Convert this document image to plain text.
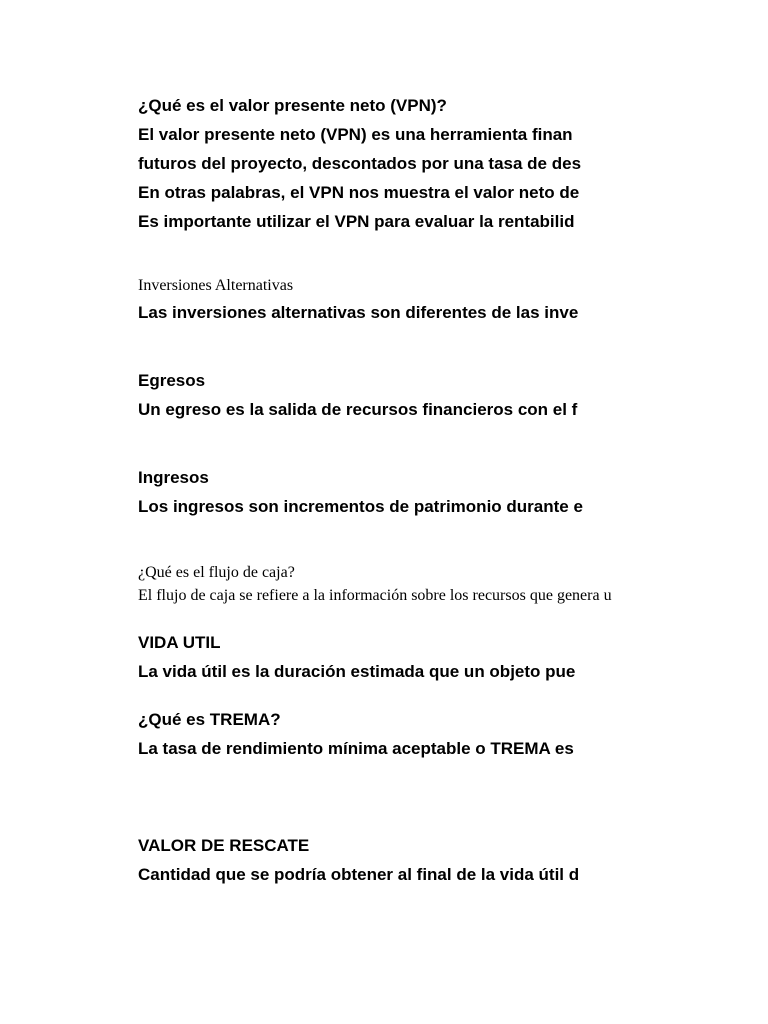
¿Qué es el valor presente neto (VPN)?
El valor presente neto (VPN) es una herramienta finan
futuros del proyecto, descontados por una tasa de des
En otras palabras, el VPN nos muestra el valor neto de
Es importante utilizar el VPN para evaluar la rentabilid
Inversiones Alternativas
Las inversiones alternativas son diferentes de las inve
Egresos
Un egreso es la salida de recursos financieros con el f
Ingresos
Los ingresos son incrementos de patrimonio durante e
¿Qué es el flujo de caja?
El flujo de caja se refiere a la información sobre los recursos que genera u
VIDA UTIL
La vida útil es la duración estimada que un objeto pue
¿Qué es TREMA?
La tasa de rendimiento mínima aceptable o TREMA es
VALOR DE RESCATE
Cantidad que se podría obtener al final de la vida útil d
